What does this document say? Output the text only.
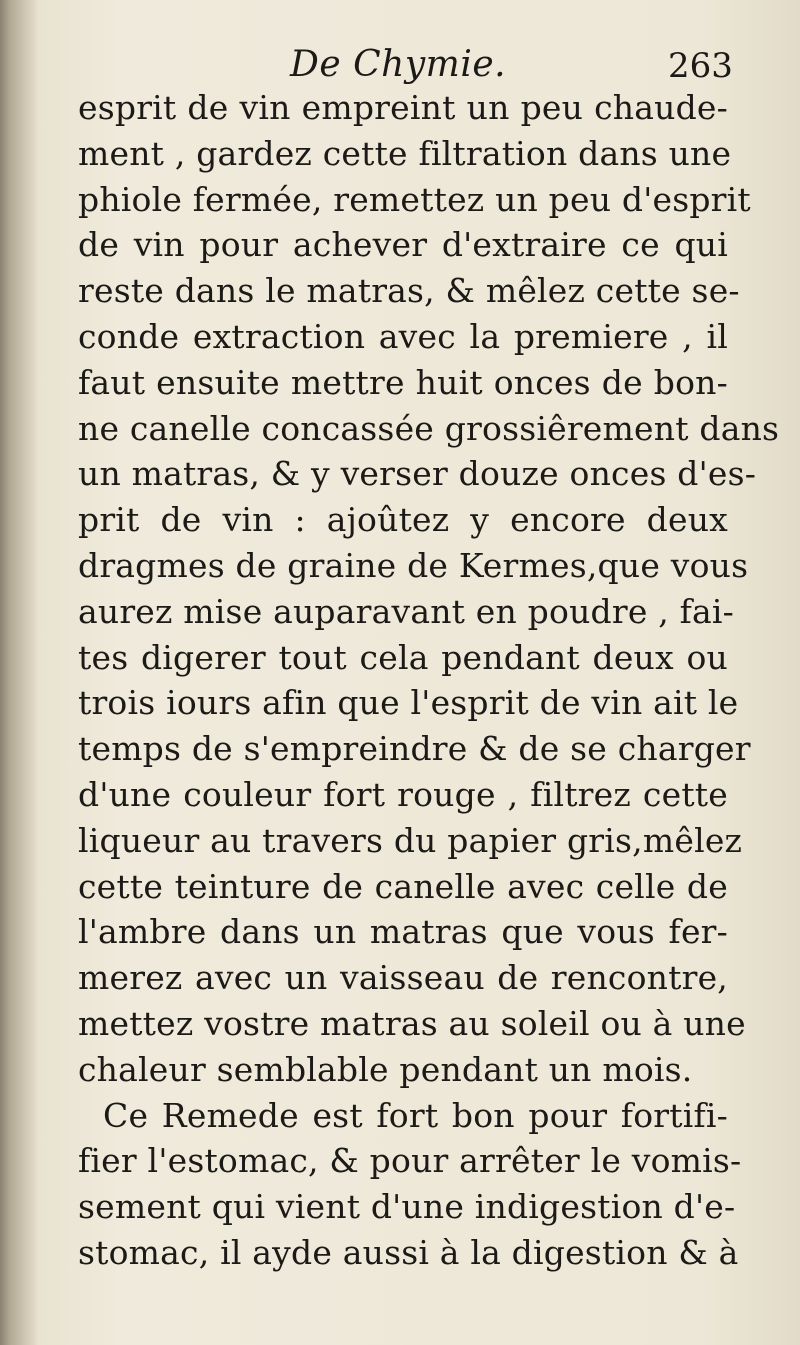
De Chymie.	263
esprit de vin empreint un peu chaude-
ment , gardez cette filtration dans une
phiole fermée, remettez un peu d'esprit
de vin pour achever d'extraire ce qui
reste dans le matras, & mêlez cette se-
conde extraction avec la premiere , il
faut ensuite mettre huit onces de bon-
ne canelle concassée grossiêrement dans
un matras, & y verser douze onces d'es-
prit de vin : ajoûtez y encore deux
dragmes de graine de Kermes,que vous
aurez mise auparavant en poudre , fai-
tes digerer tout cela pendant deux ou
trois iours afin que l'esprit de vin ait le
temps de s'empreindre & de se charger
d'une couleur fort rouge , filtrez cette
liqueur au travers du papier gris,mêlez
cette teinture de canelle avec celle de
l'ambre dans un matras que vous fer-
merez avec un vaisseau de rencontre,
mettez vostre matras au soleil ou à une
chaleur semblable pendant un mois.
Ce Remede est fort bon pour fortifi-
fier l'estomac, & pour arrêter le vomis-
sement qui vient d'une indigestion d'e-
stomac, il ayde aussi à la digestion & à
